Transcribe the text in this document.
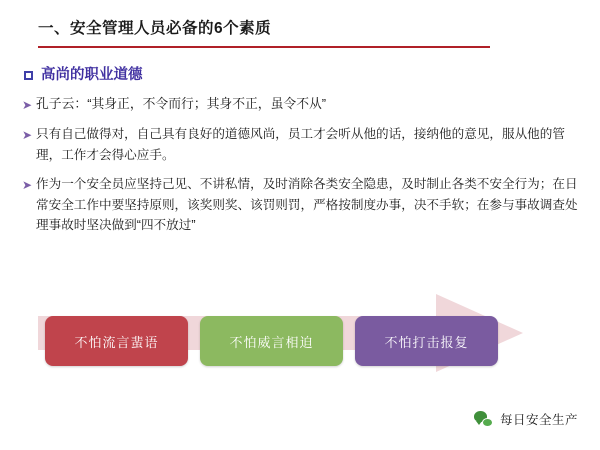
一、安全管理人员必备的6个素质
高尚的职业道德
➤ 孔子云：“其身正，不令而行；其身不正，虽令不从”
➤ 只有自己做得对，自己具有良好的道德风尚，员工才会听从他的话，接纳他的意见，服从他的管理，工作才会得心应手。
➤ 作为一个安全员应坚持己见、不讲私情，及时消除各类安全隐患，及时制止各类不安全行为；在日常安全工作中要坚持原则，该奖则奖、该罚则罚，严格按制度办事，决不手软；在参与事故调查处理事故时坚决做到“四不放过”
不怕流言蜚语	不怕威言相迫	不怕打击报复
每日安全生产
